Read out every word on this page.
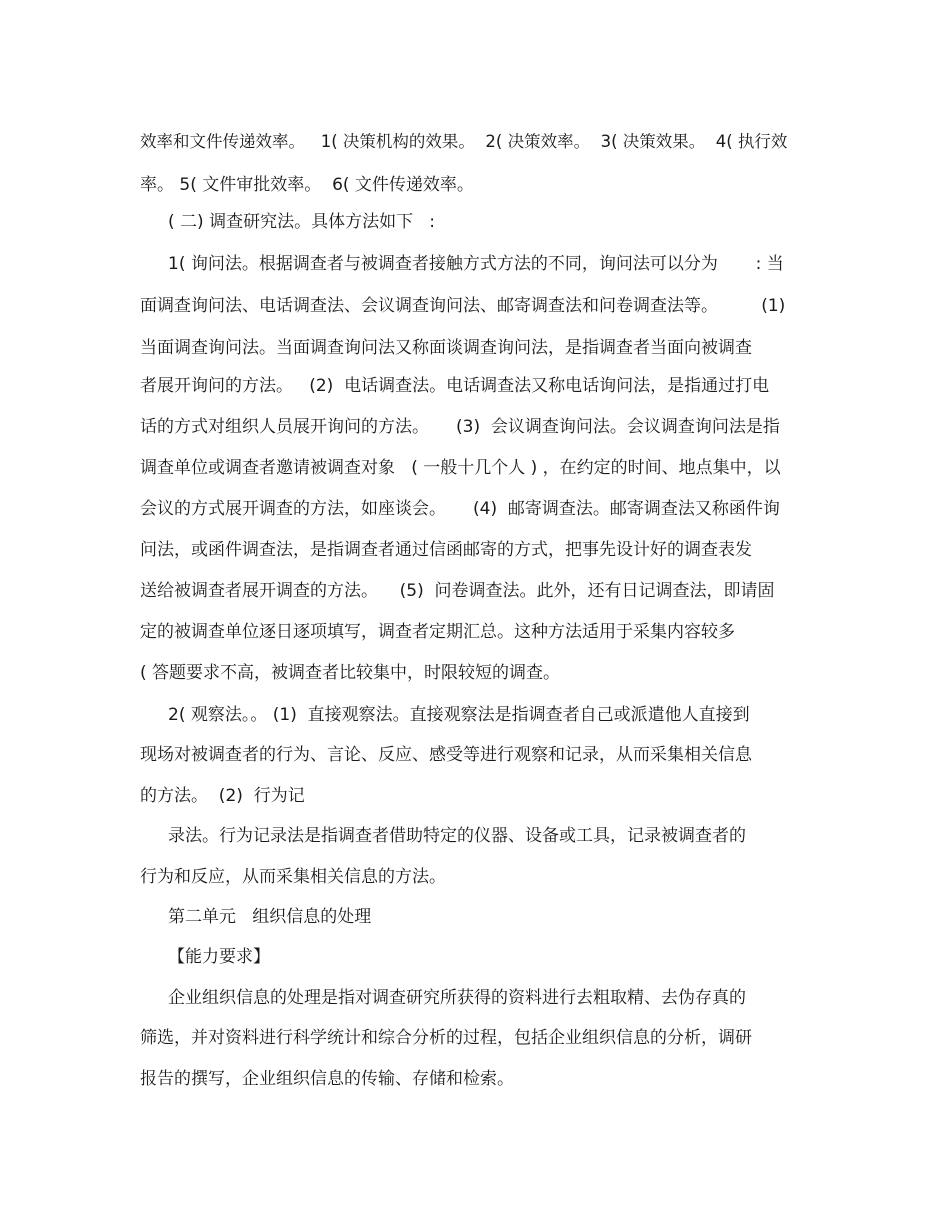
效率和文件传递效率。   1( 决策机构的效果。  2( 决策效率。  3( 决策效果。  4( 执行效
率。 5( 文件审批效率。  6( 文件传递效率。
( 二) 调查研究法。具体方法如下   :
1( 询问法。根据调查者与被调查者接触方式方法的不同，询问法可以分为       : 当
面调查询问法、电话调查法、会议调查询问法、邮寄调查法和问卷调查法等。        (1)
当面调查询问法。当面调查询问法又称面谈调查询问法，是指调查者当面向被调查
者展开询问的方法。   (2)  电话调查法。电话调查法又称电话询问法，是指通过打电
话的方式对组织人员展开询问的方法。     (3)  会议调查询问法。会议调查询问法是指
调查单位或调查者邀请被调查对象   ( 一般十几个人 ) ，在约定的时间、地点集中，以
会议的方式展开调查的方法，如座谈会。     (4)  邮寄调查法。邮寄调查法又称函件询
问法，或函件调查法，是指调查者通过信函邮寄的方式，把事先设计好的调查表发
送给被调查者展开调查的方法。    (5)  问卷调查法。此外，还有日记调查法，即请固
定的被调查单位逐日逐项填写，调查者定期汇总。这种方法适用于采集内容较多
( 答题要求不高，被调查者比较集中，时限较短的调查。
2( 观察法。。 (1)  直接观察法。直接观察法是指调查者自己或派遣他人直接到
现场对被调查者的行为、言论、反应、感受等进行观察和记录，从而采集相关信息
的方法。  (2)  行为记
录法。行为记录法是指调查者借助特定的仪器、设备或工具，记录被调查者的
行为和反应，从而采集相关信息的方法。
第二单元   组织信息的处理
【能力要求】
企业组织信息的处理是指对调查研究所获得的资料进行去粗取精、去伪存真的
筛选，并对资料进行科学统计和综合分析的过程，包括企业组织信息的分析，调研
报告的撰写，企业组织信息的传输、存储和检索。
